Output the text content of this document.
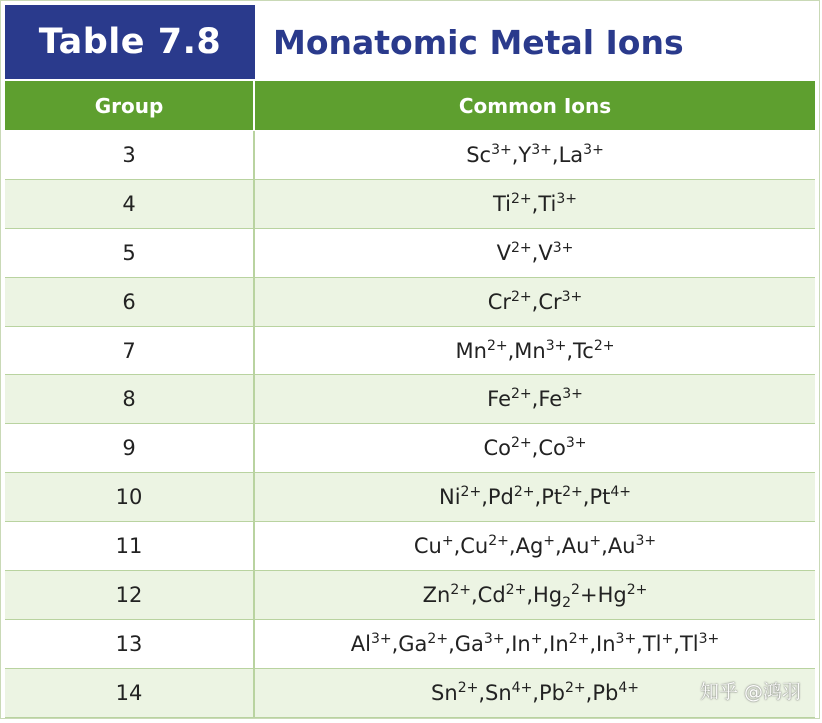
Table 7.8	Monatomic Metal Ions
Group	Common Ions
3	$Sc^{3+}$ , $Y^{3+}$ , $La^{3+}$
4	$Ti^{2+}$ , $Ti^{3+}$
5	$V^{2+}$ , $V^{3+}$
6	$Cr^{2+}$ , $Cr^{3+}$
7	$Mn^{2+}$ , $Mn^{3+}$ , $Tc^{2+}$
8	$Fe^{2+}$ , $Fe^{3+}$
9	$Co^{2+}$ , $Co^{3+}$
10	$Ni^{2+}$ , $Pd^{2+}$ , $Pt^{2+}$ , $Pt^{4+}$
11	Cu+ , $Cu^{2+}$ , Ag+ , Au+ , $Au^{3+}$
12	$Zn^{2+}$ , $Cd^{2+}$ , $Hg_2^2 + Hg^{2+}$
13	$Al^{3+}$ , $Ga^{2+}$ , $Ga^{3+}$ , In+ , $In^{2+}$ , $In^{3+}$ , Tl+ , $Tl^{3+}$
14	$Sn^{2+}$ , $Sn^{4+}$ , $Pb^{2+}$ , $Pb^{4+}$	知乎 @鸿羽
